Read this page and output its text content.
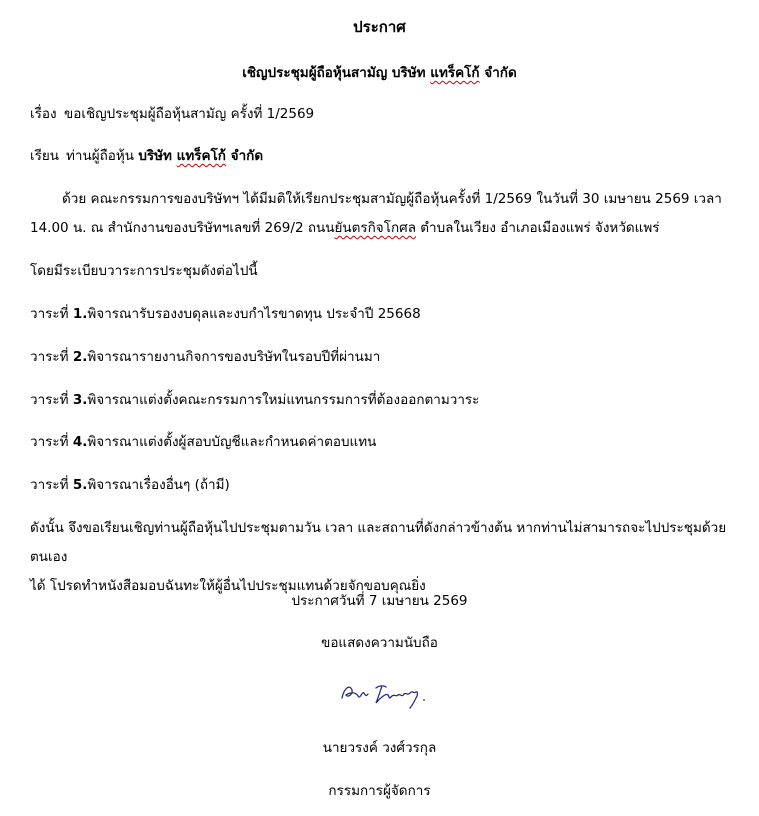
ประกาศ
เชิญประชุมผู้ถือหุ้นสามัญ บริษัท แทร็คโก้ จำกัด
เรื่อง ขอเชิญประชุมผู้ถือหุ้นสามัญ ครั้งที่ 1/2569
เรียน ท่านผู้ถือหุ้น บริษัท แทร็คโก้ จำกัด
ด้วย คณะกรรมการของบริษัทฯ ได้มีมติให้เรียกประชุมสามัญผู้ถือหุ้นครั้งที่ 1/2569 ในวันที่ 30 เมษายน 2569 เวลา
14.00 น. ณ สำนักงานของบริษัทฯเลขที่ 269/2 ถนนยันตรกิจโกศล ตำบลในเวียง อำเภอเมืองแพร่ จังหวัดแพร่
โดยมีระเบียบวาระการประชุมดังต่อไปนี้
วาระที่ 1.พิจารณารับรองงบดุลและงบกำไรขาดทุน ประจำปี 25668
วาระที่ 2.พิจารณารายงานกิจการของบริษัทในรอบปีที่ผ่านมา
วาระที่ 3.พิจารณาแต่งตั้งคณะกรรมการใหม่แทนกรรมการที่ต้องออกตามวาระ
วาระที่ 4.พิจารณาแต่งตั้งผู้สอบบัญชีและกำหนดค่าตอบแทน
วาระที่ 5.พิจารณาเรื่องอื่นๆ (ถ้ามี)
ดังนั้น จึงขอเรียนเชิญท่านผู้ถือหุ้นไปประชุมตามวัน เวลา และสถานที่ดังกล่าวข้างต้น หากท่านไม่สามารถจะไปประชุมด้วยตนเอง
ได้ โปรดทำหนังสือมอบฉันทะให้ผู้อื่นไปประชุมแทนด้วยจักขอบคุณยิ่ง
ประกาศวันที่ 7 เมษายน 2569
ขอแสดงความนับถือ
นายวรงค์ วงศ์วรกุล
กรรมการผู้จัดการ
